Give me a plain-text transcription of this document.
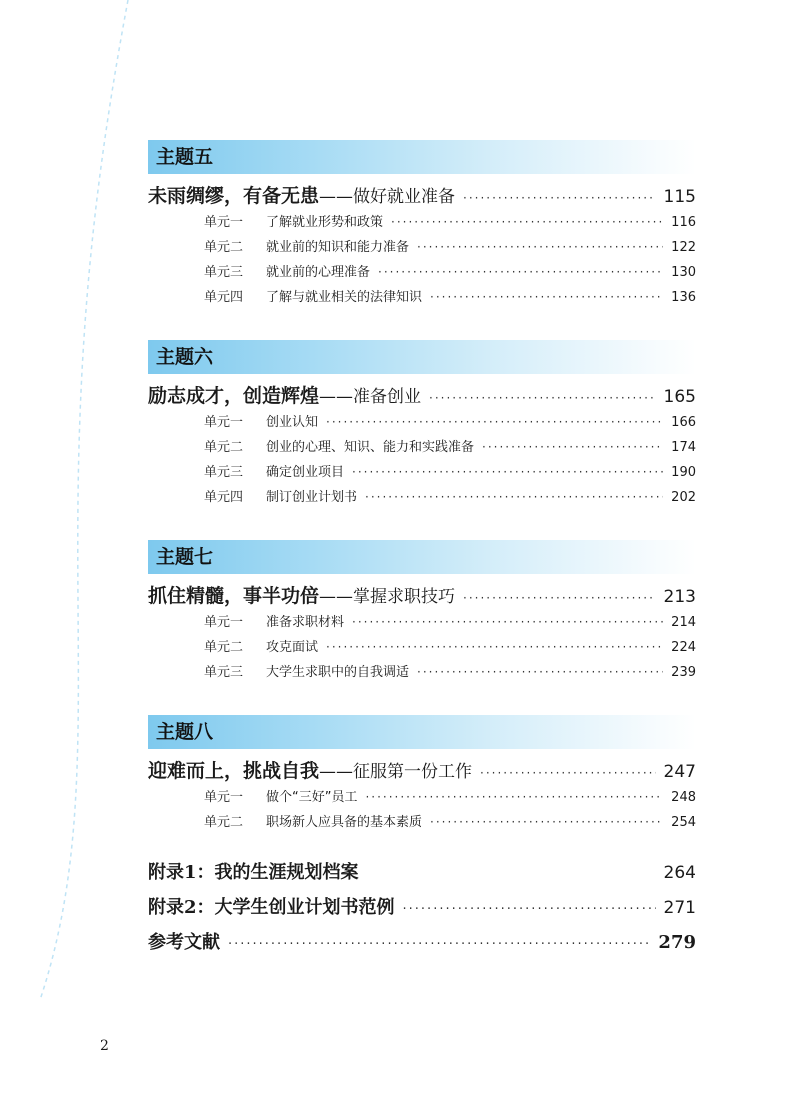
主题五
未雨绸缪，有备无患 ——做好就业准备 ·····	115
单元一	了解就业形势和政策 ·····	116
单元二	就业前的知识和能力准备 ·····	122
单元三	就业前的心理准备 ·····	130
单元四	了解与就业相关的法律知识 ·····	136
主题六
励志成才，创造辉煌 ——准备创业 ·····	165
单元一	创业认知 ·····	166
单元二	创业的心理、知识、能力和实践准备 ·····	174
单元三	确定创业项目 ·····	190
单元四	制订创业计划书 ·····	202
主题七
抓住精髓，事半功倍 ——掌握求职技巧 ·····	213
单元一	准备求职材料 ·····	214
单元二	攻克面试 ·····	224
单元三	大学生求职中的自我调适 ·····	239
主题八
迎难而上，挑战自我 ——征服第一份工作 ·····	247
单元一	做个“三好”员工 ·····	248
单元二	职场新人应具备的基本素质 ·····	254
附录1：我的生涯规划档案	264
附录2：大学生创业计划书范例 ·····	271
参考文献 ·····	279
2
